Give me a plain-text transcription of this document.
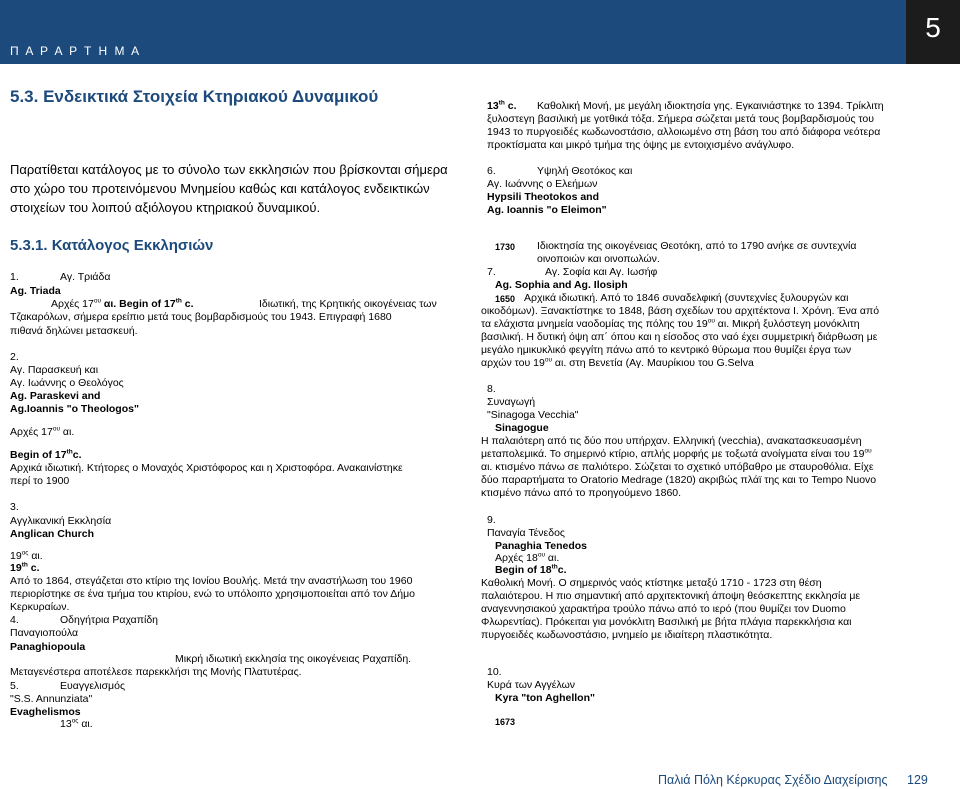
Π Α Ρ Α Ρ Τ Η Μ Α
5
5.3. Ενδεικτικά Στοιχεία Κτηριακού Δυναμικού
Παρατίθεται κατάλογος με το σύνολο των εκκλησιών που βρίσκονται σήμερα στο χώρο του προτεινόμενου Μνημείου καθώς και κατάλογος ενδεικτικών στοιχείων του λοιπού αξιόλογου κτηριακού δυναμικού.
5.3.1. Κατάλογος Εκκλησιών
1.	Αγ. Τριάδα
Ag. Triada
Αρχές $17^{o\upsilon}$ αι. Begin of 17th c.	Ιδιωτική, της Κρητικής οικογένειας των
Τζακαρόλων, σήμερα ερείπιο μετά τους βομβαρδισμούς του 1943. Επιγραφή 1680
πιθανά δηλώνει μετασκευή.
2.
Αγ. Παρασκευή και
Αγ. Ιωάννης ο Θεολόγος
Ag. Paraskevi and
Ag.Ioannis "o Theologos"
Αρχές $17^{o\upsilon}$ αι.
Begin of 17thc.
Αρχικά ιδιωτική. Κτήτορες ο Μοναχός Χριστόφορος και η Χριστοφόρα. Ανακαινίστηκε
περί το 1900
3.
Αγγλικανική Εκκλησία
Anglican Church
$19^{o\varsigma}$ αι.
19th c.
Από το 1864, στεγάζεται στο κτίριο της Ιονίου Βουλής. Μετά την αναστήλωση του 1960
περιορίστηκε σε ένα τμήμα του κτιρίου, ενώ το υπόλοιπο χρησιμοποιείται από τον Δήμο
Κερκυραίων.
4.	Οδηγήτρια Ραχαπίδη
Παναγιοπούλα
Panaghiopoula
Μικρή ιδιωτική εκκλησία της οικογένειας Ραχαπίδη.
Μεταγενέστερα αποτέλεσε παρεκκλήσι της Μονής Πλατυτέρας.
5.	Ευαγγελισμός
"S.S. Annunziata"
Evaghelismos
$13^{o\varsigma}$ αι.
13th c. Καθολική Μονή, με μεγάλη ιδιοκτησία γης. Εγκαινιάστηκε το 1394. Τρίκλιτη
ξυλοστεγη βασιλική με γοτθικά τόξα. Σήμερα σώζεται μετά τους βομβαρδισμούς του
1943 το πυργοειδές κωδωνοστάσιο, αλλοιωμένο στη βάση του από διάφορα νεότερα
προκτίσματα και μικρό τμήμα της όψης με εντοιχισμένο ανάγλυφο.
6.	Υψηλή Θεοτόκος και
Αγ. Ιωάννης ο Ελεήμων
Hypsili Theotokos and
Ag. Ioannis "o Eleimon"
1730 Ιδιοκτησία της οικογένειας Θεοτόκη, από το 1790 ανήκε σε συντεχνία
οινοποιών και οινοπωλών.
7.	Αγ. Σοφία και Αγ. Ιωσήφ
Ag. Sophia and Ag. Ilosiph
1650 Αρχικά ιδιωτική. Από το 1846 συναδελφική (συντεχνίες ξυλουργών και
οικοδόμων). Ξανακτίστηκε το 1848, βάση σχεδίων του αρχιτέκτονα Ι. Χρόνη. Ένα από
τα ελάχιστα μνημεία ναοδομίας της πόλης του $19^{o\upsilon}$ αι. Μικρή ξυλόστεγη μονόκλιτη
βασιλική. Η δυτική όψη απ΄ όπου και η είσοδος στο ναό έχει συμμετρική διάρθωση με
μεγάλο ημικυκλικό φεγγίτη πάνω από το κεντρικό θύρωμα που θυμίζει έργα των
αρχών του $19^{o\upsilon}$ αι. στη Βενετία (Αγ. Μαυρίκιου του G.Selva
8.
Συναγωγή
"Sinagoga Vecchia"
Sinagogue
Η παλαιότερη από τις δύο που υπήρχαν. Ελληνική (vecchia), ανακατασκευασμένη
μεταπολεμικά. Το σημερινό κτίριο, απλής μορφής με τοξωτά ανοίγματα είναι του $19^{o\upsilon}$
αι. κτισμένο πάνω σε παλιότερο. Σώζεται το σχετικό υπόβαθρο με σταυροθόλια. Είχε
δύο παραρτήματα το Oratorio Medrage (1820) ακριβώς πλάϊ της και το Tempo Nuovo
κτισμένο πάνω από το προηγούμενο 1860.
9.
Παναγία Τένεδος
Panaghia Tenedos
Αρχές $18^{o\upsilon}$ αι.
Begin of 18thc.
Καθολική Μονή. Ο σημερινός ναός κτίστηκε μεταξύ 1710 - 1723 στη θέση
παλαιότερου. Η πιο σημαντική από αρχιτεκτονική άποψη θεόσκεπτης εκκλησία με
αναγεννησιακού χαρακτήρα τρούλο πάνω από το ιερό (που θυμίζει τον Duomo
Φλωρεντίας). Πρόκειται για μονόκλιτη Βασιλική με βήτα πλάγια παρεκκλήσια και
πυργοειδές κωδωνοστάσιο, μνημείο με ιδιαίτερη πλαστικότητα.
10.
Κυρά των Αγγέλων
Kyra "ton Aghellon"
1673
Παλιά Πόλη Κέρκυρας Σχέδιο Διαχείρισης 129
